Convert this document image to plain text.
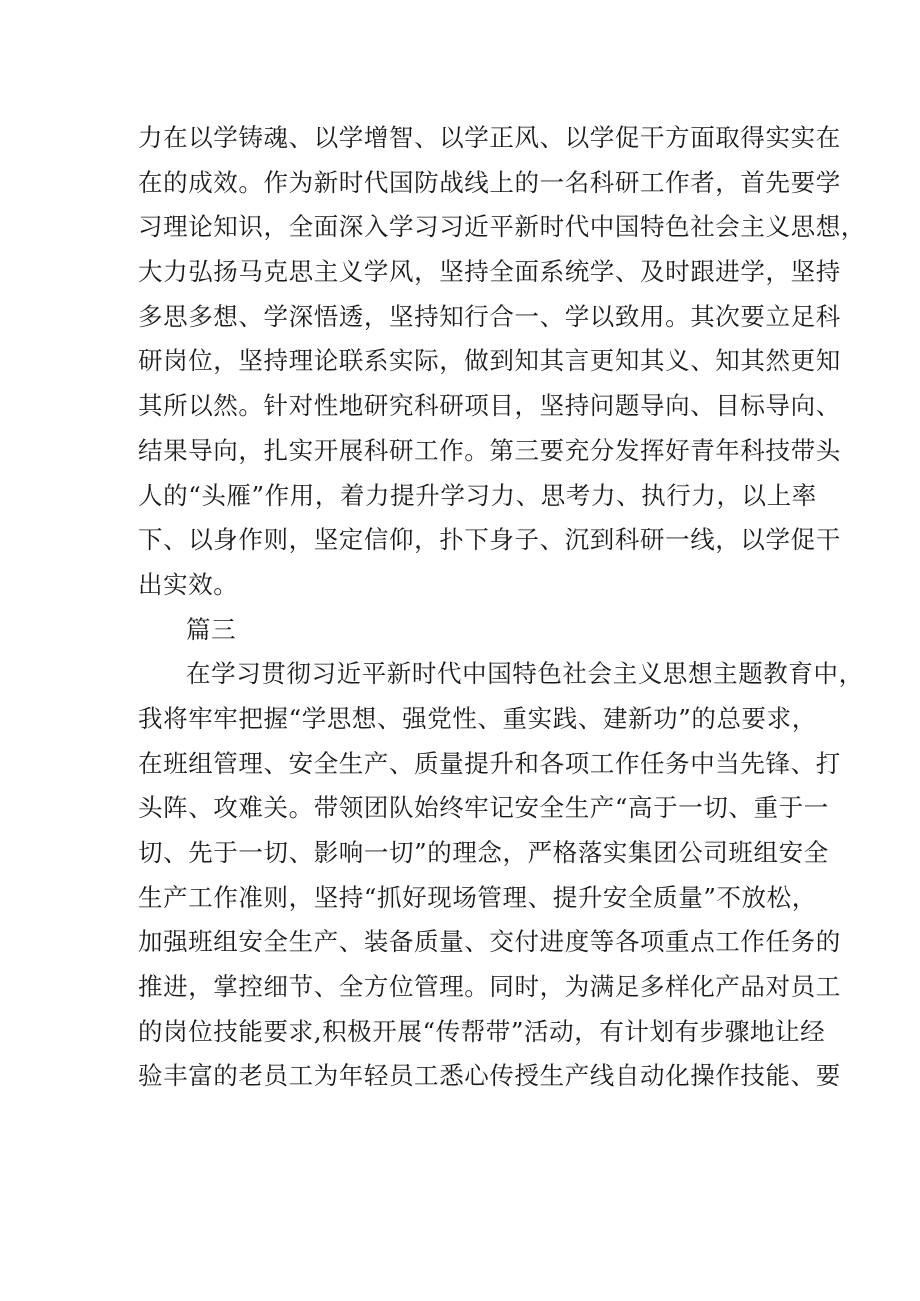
力在以学铸魂、以学增智、以学正风、以学促干方面取得实实在
在的成效。作为新时代国防战线上的一名科研工作者，首先要学
习理论知识，全面深入学习习近平新时代中国特色社会主义思想，
大力弘扬马克思主义学风，坚持全面系统学、及时跟进学，坚持
多思多想、学深悟透，坚持知行合一、学以致用。其次要立足科
研岗位，坚持理论联系实际，做到知其言更知其义、知其然更知
其所以然。针对性地研究科研项目，坚持问题导向、目标导向、
结果导向，扎实开展科研工作。第三要充分发挥好青年科技带头
人的“头雁”作用，着力提升学习力、思考力、执行力，以上率
下、以身作则，坚定信仰，扑下身子、沉到科研一线，以学促干
出实效。
篇三
在学习贯彻习近平新时代中国特色社会主义思想主题教育中，
我将牢牢把握“学思想、强党性、重实践、建新功”的总要求，
在班组管理、安全生产、质量提升和各项工作任务中当先锋、打
头阵、攻难关。带领团队始终牢记安全生产“高于一切、重于一
切、先于一切、影响一切”的理念，严格落实集团公司班组安全
生产工作准则，坚持“抓好现场管理、提升安全质量”不放松，
加强班组安全生产、装备质量、交付进度等各项重点工作任务的
推进，掌控细节、全方位管理。同时，为满足多样化产品对员工
的岗位技能要求,积极开展“传帮带”活动，有计划有步骤地让经
验丰富的老员工为年轻员工悉心传授生产线自动化操作技能、要
